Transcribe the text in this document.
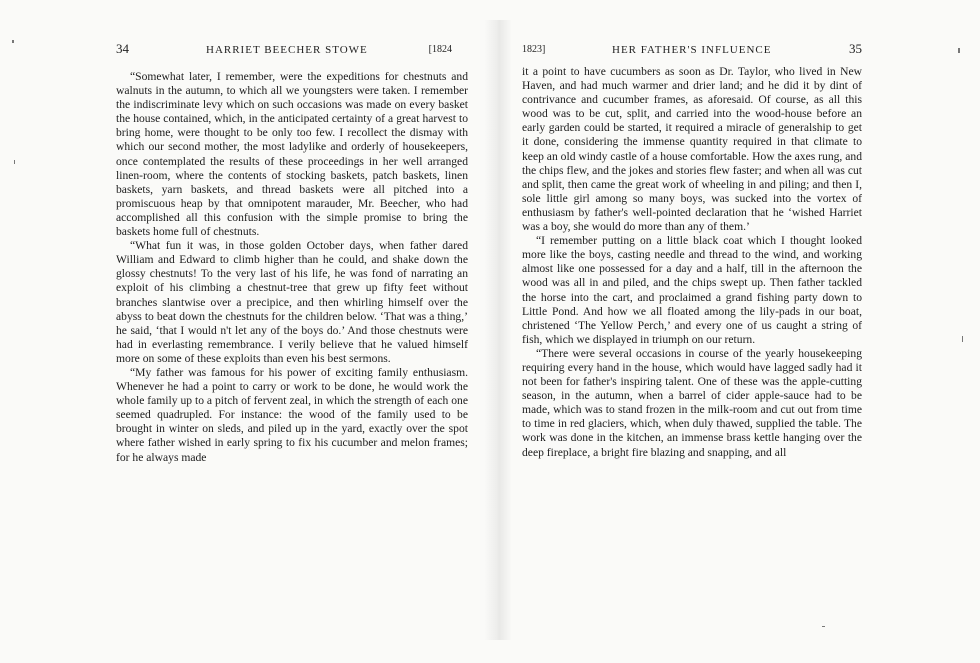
34	HARRIET BEECHER STOWE	[1824

“Somewhat later, I remember, were the expeditions for chestnuts and walnuts in the autumn, to which all we youngsters were taken. I remember the indiscriminate levy which on such occasions was made on every basket the house contained, which, in the anticipated certainty of a great harvest to bring home, were thought to be only too few. I recollect the dismay with which our second mother, the most ladylike and orderly of housekeepers, once contemplated the results of these proceedings in her well arranged linen-room, where the contents of stocking baskets, patch baskets, linen baskets, yarn baskets, and thread baskets were all pitched into a promiscuous heap by that omnipotent marauder, Mr. Beecher, who had accomplished all this confusion with the simple promise to bring the baskets home full of chestnuts.

“What fun it was, in those golden October days, when father dared William and Edward to climb higher than he could, and shake down the glossy chestnuts! To the very last of his life, he was fond of narrating an exploit of his climbing a chestnut-tree that grew up fifty feet without branches slantwise over a precipice, and then whirling himself over the abyss to beat down the chestnuts for the children below. ‘That was a thing,’ he said, ‘that I would n't let any of the boys do.’ And those chestnuts were had in everlasting remembrance. I verily believe that he valued himself more on some of these exploits than even his best sermons.

“My father was famous for his power of exciting family enthusiasm. Whenever he had a point to carry or work to be done, he would work the whole family up to a pitch of fervent zeal, in which the strength of each one seemed quadrupled. For instance: the wood of the family used to be brought in winter on sleds, and piled up in the yard, exactly over the spot where father wished in early spring to fix his cucumber and melon frames; for he always made

1823]	HER FATHER'S INFLUENCE	35

it a point to have cucumbers as soon as Dr. Taylor, who lived in New Haven, and had much warmer and drier land; and he did it by dint of contrivance and cucumber frames, as aforesaid. Of course, as all this wood was to be cut, split, and carried into the wood-house before an early garden could be started, it required a miracle of generalship to get it done, considering the immense quantity required in that climate to keep an old windy castle of a house comfortable. How the axes rung, and the chips flew, and the jokes and stories flew faster; and when all was cut and split, then came the great work of wheeling in and piling; and then I, sole little girl among so many boys, was sucked into the vortex of enthusiasm by father's well-pointed declaration that he ‘wished Harriet was a boy, she would do more than any of them.’

“I remember putting on a little black coat which I thought looked more like the boys, casting needle and thread to the wind, and working almost like one possessed for a day and a half, till in the afternoon the wood was all in and piled, and the chips swept up. Then father tackled the horse into the cart, and proclaimed a grand fishing party down to Little Pond. And how we all floated among the lily-pads in our boat, christened ‘The Yellow Perch,’ and every one of us caught a string of fish, which we displayed in triumph on our return.

“There were several occasions in course of the yearly housekeeping requiring every hand in the house, which would have lagged sadly had it not been for father's inspiring talent. One of these was the apple-cutting season, in the autumn, when a barrel of cider apple-sauce had to be made, which was to stand frozen in the milk-room and cut out from time to time in red glaciers, which, when duly thawed, supplied the table. The work was done in the kitchen, an immense brass kettle hanging over the deep fireplace, a bright fire blazing and snapping, and all
